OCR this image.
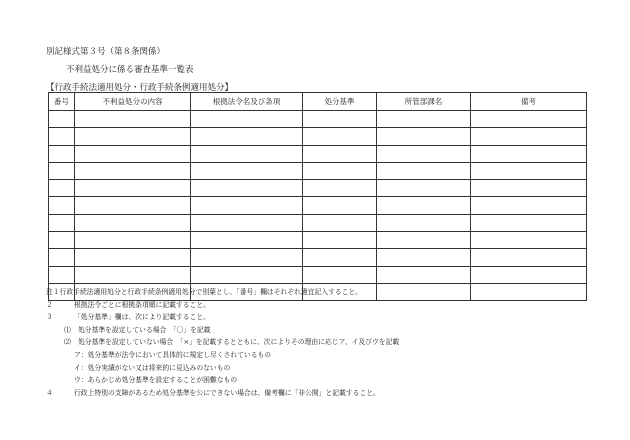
別記様式第３号（第８条関係）
不利益処分に係る審査基準一覧表
【行政手続法適用処分・行政手続条例適用処分】
番号	不利益処分の内容	根拠法令名及び条項	処分基準	所管部課名	備考

注１行政手続法適用処分と行政手続条例適用処分で別葉とし、「番号」欄はそれぞれ適宜記入すること。
２	根拠法令ごとに根拠条項順に記載すること。
３	「処分基準」欄は、次により記載すること。
⑴ 処分基準を設定している場合　「〇」を記載
⑵ 処分基準を設定していない場合　「×」を記載するとともに、次によりその理由に応じア、イ及びウを記載
ア：処分基準が法令において具体的に規定し尽くされているもの
イ：処分実績がない又は将来的に見込みのないもの
ウ：あらかじめ処分基準を設定することが困難なもの
４	行政上特別の支障があるため処分基準を公にできない場合は、備考欄に「非公開」と記載すること。
